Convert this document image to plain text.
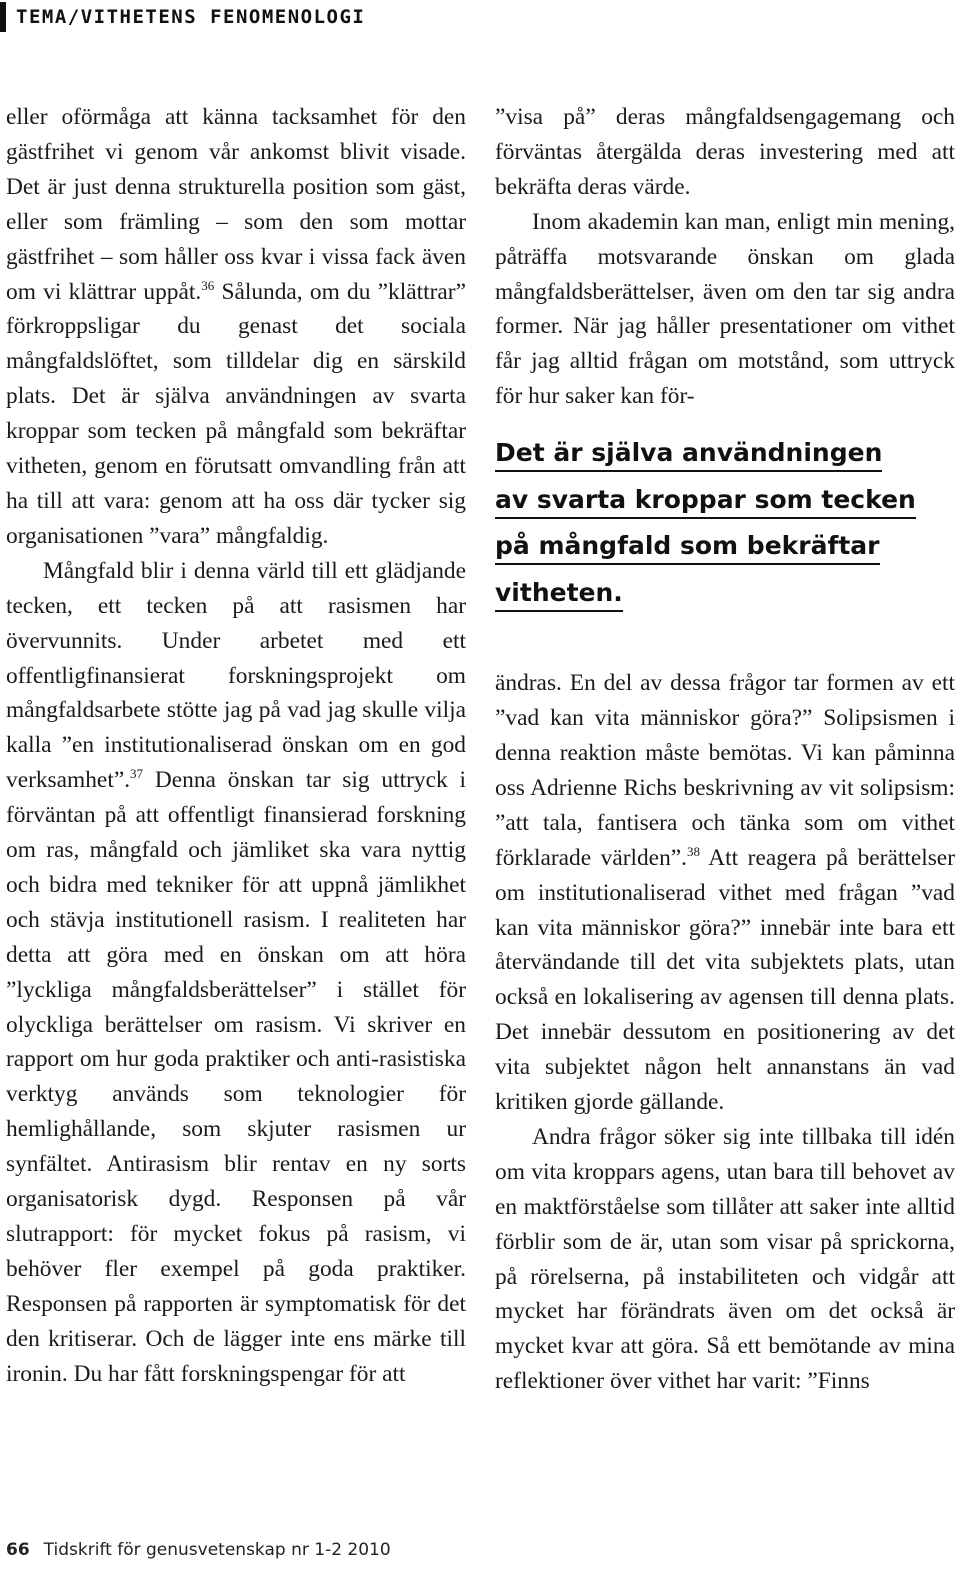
TEMA/VITHETENS FENOMENOLOGI

eller oförmåga att känna tacksamhet för den gästfrihet vi genom vår ankomst blivit visade. Det är just denna strukturella position som gäst, eller som främling – som den som mottar gästfrihet – som håller oss kvar i vissa fack även om vi klättrar uppåt.$^{36}$ Sålunda, om du ”klättrar” förkroppsligar du genast det sociala mångfaldslöftet, som tilldelar dig en särskild plats. Det är själva användningen av svarta kroppar som tecken på mångfald som bekräftar vitheten, genom en förutsatt omvandling från att ha till att vara: genom att ha oss där tycker sig organisationen ”vara” mångfaldig.

Mångfald blir i denna värld till ett glädjande tecken, ett tecken på att rasismen har övervunnits. Under arbetet med ett offentligfinansierat forskningsprojekt om mångfaldsarbete stötte jag på vad jag skulle vilja kalla ”en institutionaliserad önskan om en god verksamhet”.$^{37}$ Denna önskan tar sig uttryck i förväntan på att offentligt finansierad forskning om ras, mångfald och jämliket ska vara nyttig och bidra med tekniker för att uppnå jämlikhet och stävja institutionell rasism. I realiteten har detta att göra med en önskan om att höra ”lyckliga mångfaldsberättelser” i stället för olyckliga berättelser om rasism. Vi skriver en rapport om hur goda praktiker och anti-rasistiska verktyg används som teknologier för hemlighållande, som skjuter rasismen ur synfältet. Antirasism blir rentav en ny sorts organisatorisk dygd. Responsen på vår slutrapport: för mycket fokus på rasism, vi behöver fler exempel på goda praktiker. Responsen på rapporten är symptomatisk för det den kritiserar. Och de lägger inte ens märke till ironin. Du har fått forskningspengar för att

”visa på” deras mångfaldsengagemang och förväntas återgälda deras investering med att bekräfta deras värde.

Inom akademin kan man, enligt min mening, påträffa motsvarande önskan om glada mångfaldsberättelser, även om den tar sig andra former. När jag håller presentationer om vithet får jag alltid frågan om motstånd, som uttryck för hur saker kan för-

Det är själva användningen
av svarta kroppar som tecken
på mångfald som bekräftar
vitheten.

ändras. En del av dessa frågor tar formen av ett ”vad kan vita människor göra?” Solipsismen i denna reaktion måste bemötas. Vi kan påminna oss Adrienne Richs beskrivning av vit solipsism: ”att tala, fantisera och tänka som om vithet förklarade världen”.$^{38}$ Att reagera på berättelser om institutionaliserad vithet med frågan ”vad kan vita människor göra?” innebär inte bara ett återvändande till det vita subjektets plats, utan också en lokalisering av agensen till denna plats. Det innebär dessutom en positionering av det vita subjektet någon helt annanstans än vad kritiken gjorde gällande.

Andra frågor söker sig inte tillbaka till idén om vita kroppars agens, utan bara till behovet av en maktförståelse som tillåter att saker inte alltid förblir som de är, utan som visar på sprickorna, på rörelserna, på instabiliteten och vidgår att mycket har förändrats även om det också är mycket kvar att göra. Så ett bemötande av mina reflektioner över vithet har varit: ”Finns

66 Tidskrift för genusvetenskap nr 1-2 2010
